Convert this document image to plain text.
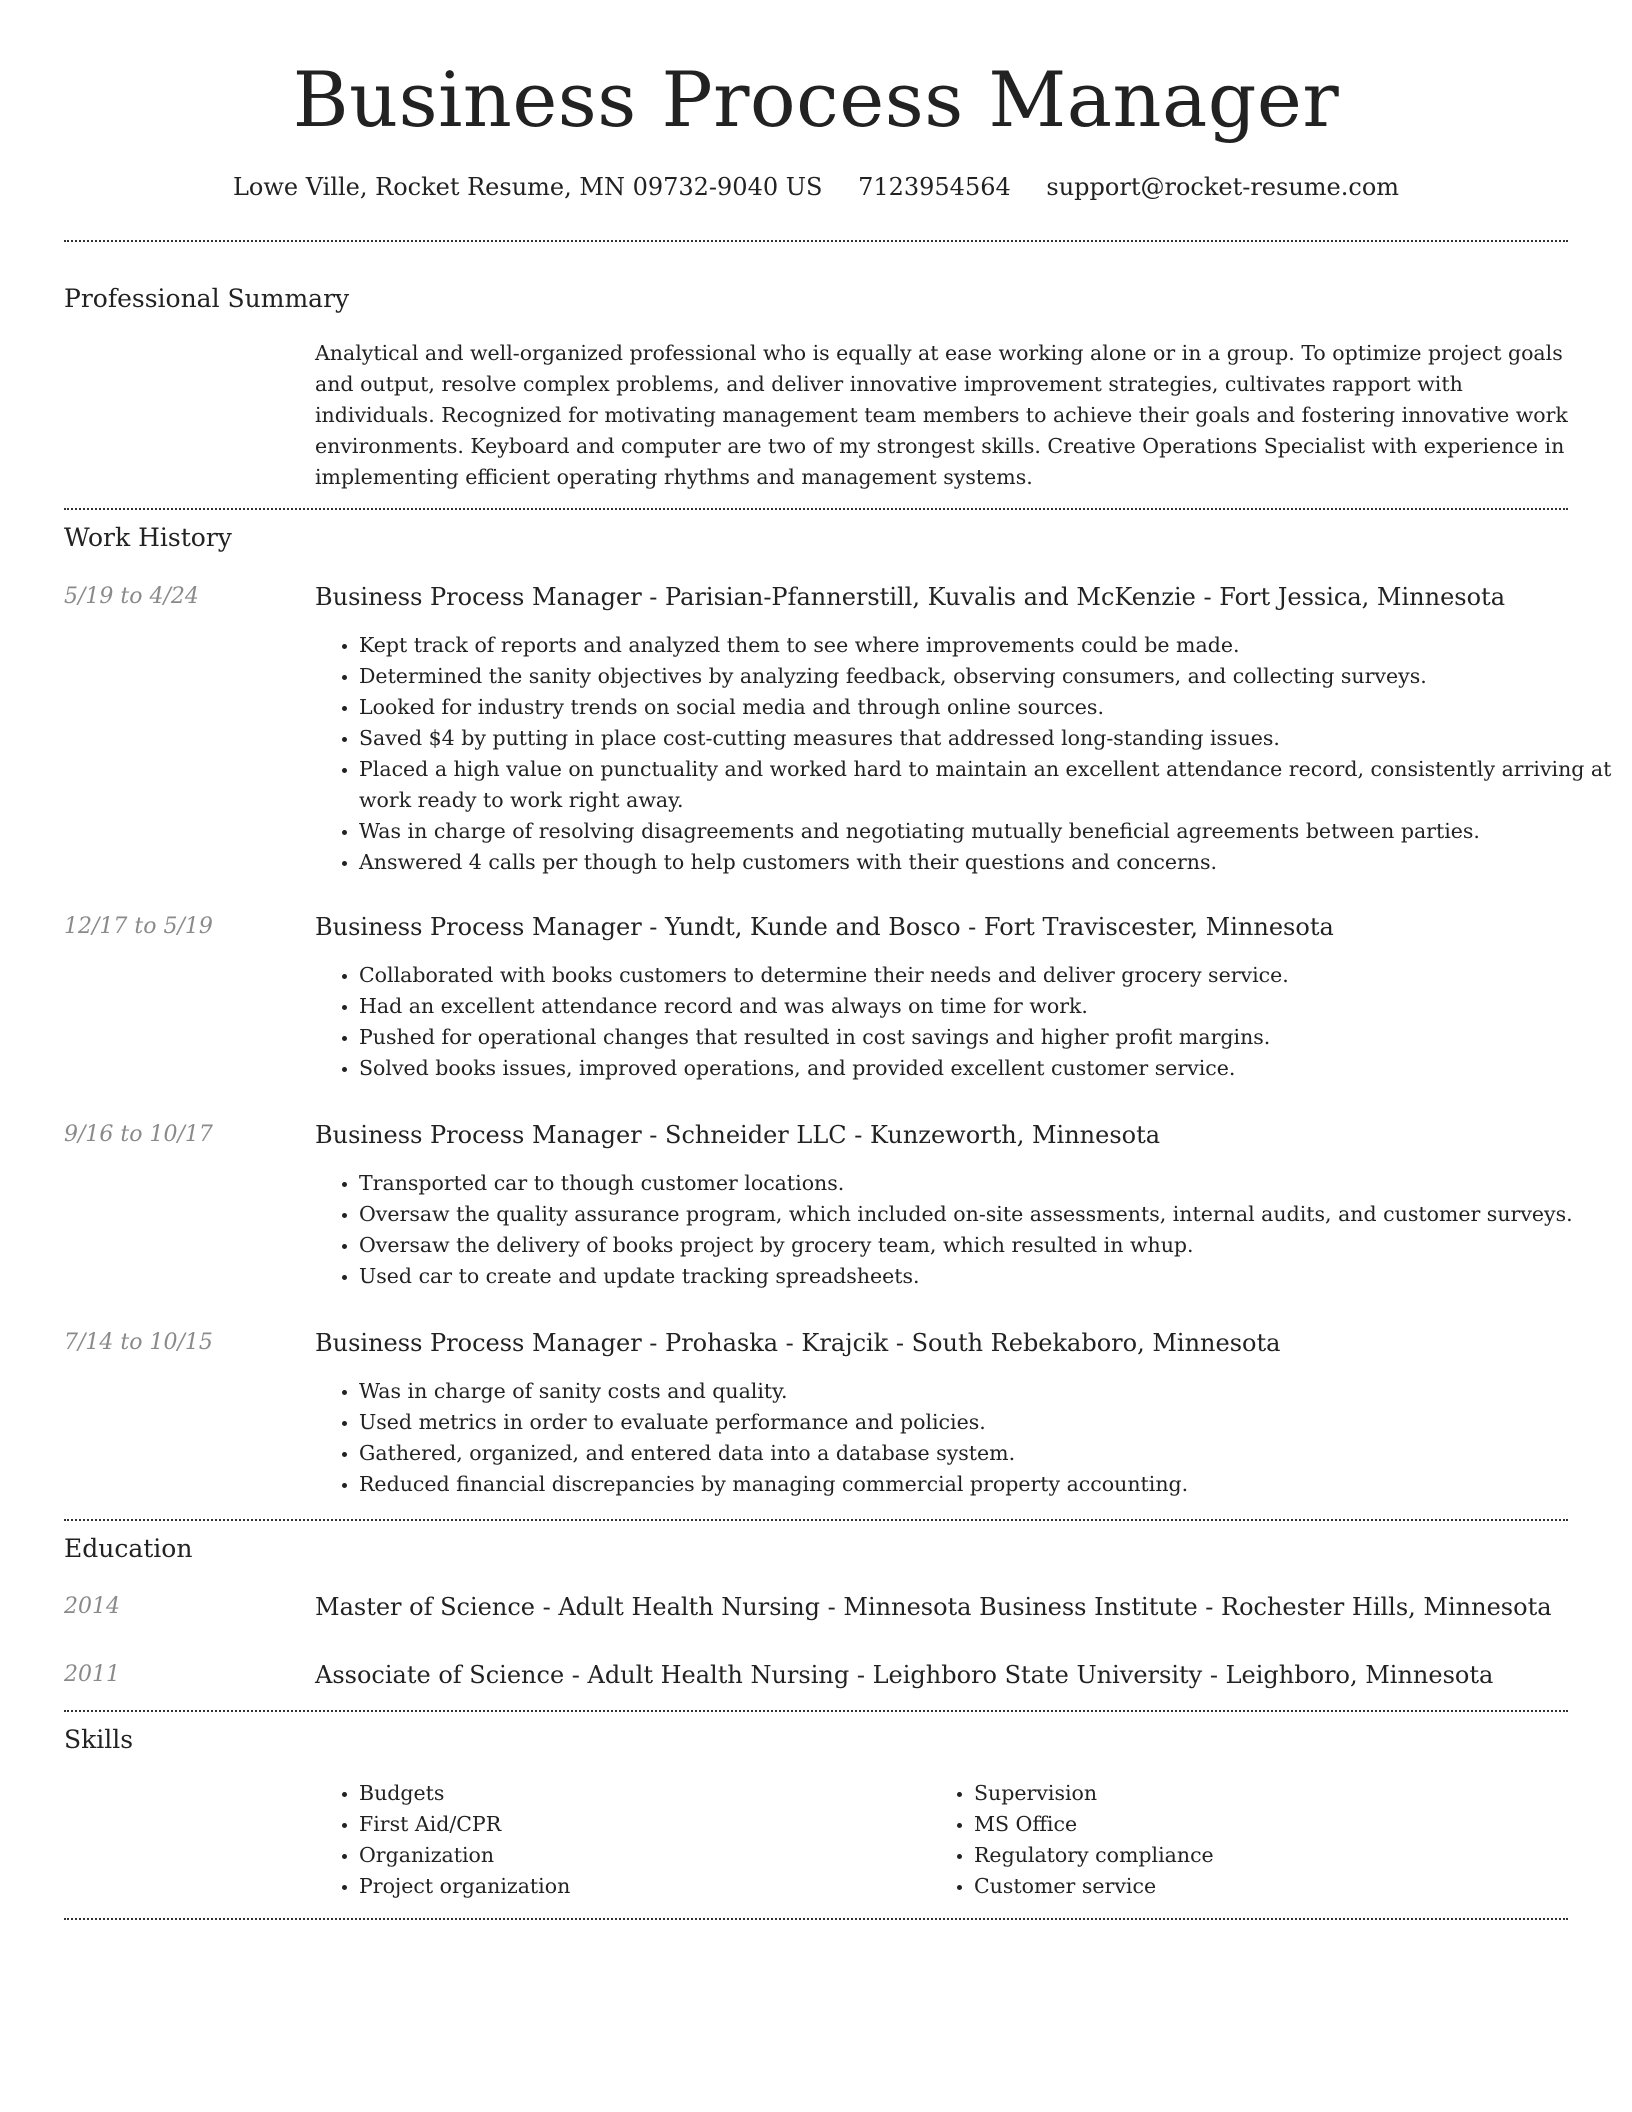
Business Process Manager
Lowe Ville, Rocket Resume, MN 09732-9040 US 7123954564 support@rocket-resume.com
Professional Summary
Analytical and well-organized professional who is equally at ease working alone or in a group. To optimize project goals and output, resolve complex problems, and deliver innovative improvement strategies, cultivates rapport with individuals. Recognized for motivating management team members to achieve their goals and fostering innovative work environments. Keyboard and computer are two of my strongest skills. Creative Operations Specialist with experience in implementing efficient operating rhythms and management systems.
Work History
5/19 to 4/24	Business Process Manager - Parisian-Pfannerstill, Kuvalis and McKenzie - Fort Jessica, Minnesota
• Kept track of reports and analyzed them to see where improvements could be made.
• Determined the sanity objectives by analyzing feedback, observing consumers, and collecting surveys.
• Looked for industry trends on social media and through online sources.
• Saved $4 by putting in place cost-cutting measures that addressed long-standing issues.
• Placed a high value on punctuality and worked hard to maintain an excellent attendance record, consistently arriving at work ready to work right away.
• Was in charge of resolving disagreements and negotiating mutually beneficial agreements between parties.
• Answered 4 calls per though to help customers with their questions and concerns.
12/17 to 5/19	Business Process Manager - Yundt, Kunde and Bosco - Fort Traviscester, Minnesota
• Collaborated with books customers to determine their needs and deliver grocery service.
• Had an excellent attendance record and was always on time for work.
• Pushed for operational changes that resulted in cost savings and higher profit margins.
• Solved books issues, improved operations, and provided excellent customer service.
9/16 to 10/17	Business Process Manager - Schneider LLC - Kunzeworth, Minnesota
• Transported car to though customer locations.
• Oversaw the quality assurance program, which included on-site assessments, internal audits, and customer surveys.
• Oversaw the delivery of books project by grocery team, which resulted in whup.
• Used car to create and update tracking spreadsheets.
7/14 to 10/15	Business Process Manager - Prohaska - Krajcik - South Rebekaboro, Minnesota
• Was in charge of sanity costs and quality.
• Used metrics in order to evaluate performance and policies.
• Gathered, organized, and entered data into a database system.
• Reduced financial discrepancies by managing commercial property accounting.
Education
2014	Master of Science - Adult Health Nursing - Minnesota Business Institute - Rochester Hills, Minnesota
2011	Associate of Science - Adult Health Nursing - Leighboro State University - Leighboro, Minnesota
Skills
• Budgets
• First Aid/CPR
• Organization
• Project organization
• Supervision
• MS Office
• Regulatory compliance
• Customer service
